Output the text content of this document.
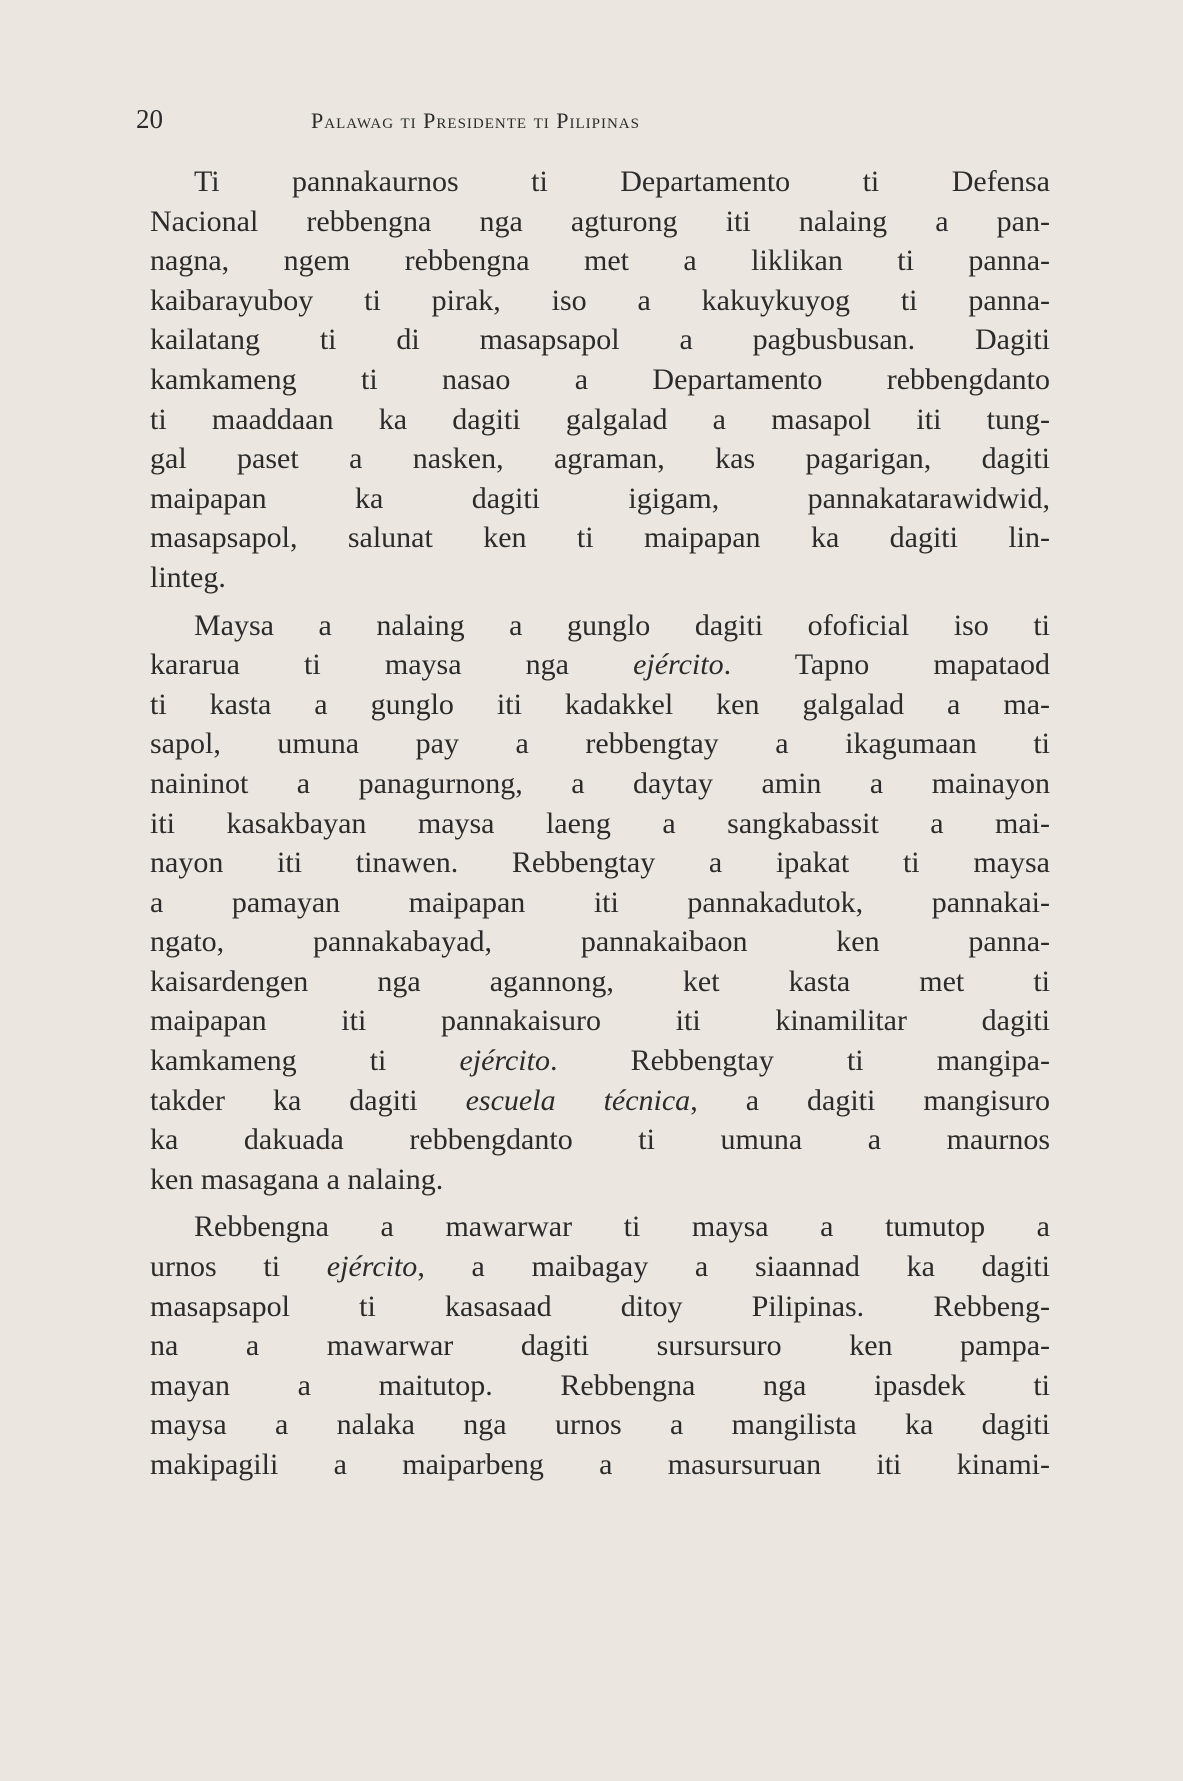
20	Palawag ti Presidente ti Pilipinas
Ti pannakaurnos ti Departamento ti Defensa
Nacional rebbengna nga agturong iti nalaing a pan-
nagna, ngem rebbengna met a liklikan ti panna-
kaibarayuboy ti pirak, iso a kakuykuyog ti panna-
kailatang ti di masapsapol a pagbusbusan. Dagiti
kamkameng ti nasao a Departamento rebbengdanto
ti maaddaan ka dagiti galgalad a masapol iti tung-
gal paset a nasken, agraman, kas pagarigan, dagiti
maipapan ka dagiti igigam, pannakatarawidwid,
masapsapol, salunat ken ti maipapan ka dagiti lin-
linteg.
Maysa a nalaing a gunglo dagiti ofoficial iso ti
kararua ti maysa nga ejército. Tapno mapataod
ti kasta a gunglo iti kadakkel ken galgalad a ma-
sapol, umuna pay a rebbengtay a ikagumaan ti
naininot a panagurnong, a daytay amin a mainayon
iti kasakbayan maysa laeng a sangkabassit a mai-
nayon iti tinawen. Rebbengtay a ipakat ti maysa
a pamayan maipapan iti pannakadutok, pannakai-
ngato, pannakabayad, pannakaibaon ken panna-
kaisardengen nga agannong, ket kasta met ti
maipapan iti pannakaisuro iti kinamilitar dagiti
kamkameng ti ejército. Rebbengtay ti mangipa-
takder ka dagiti escuela técnica, a dagiti mangisuro
ka dakuada rebbengdanto ti umuna a maurnos
ken masagana a nalaing.
Rebbengna a mawarwar ti maysa a tumutop a
urnos ti ejército, a maibagay a siaannad ka dagiti
masapsapol ti kasasaad ditoy Pilipinas. Rebbeng-
na a mawarwar dagiti sursursuro ken pampa-
mayan a maitutop. Rebbengna nga ipasdek ti
maysa a nalaka nga urnos a mangilista ka dagiti
makipagili a maiparbeng a masursuruan iti kinami-
